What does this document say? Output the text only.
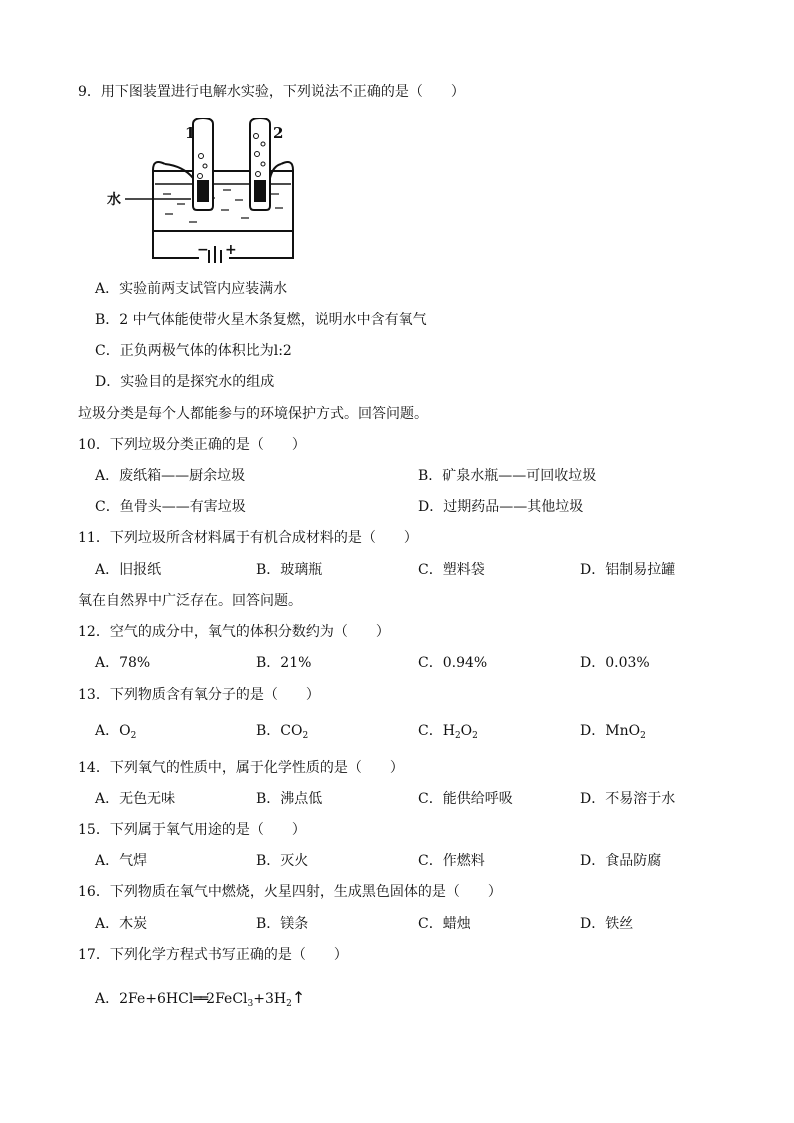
9．用下图装置进行电解水实验，下列说法不正确的是（　　）
1	2
水
− +
A．实验前两支试管内应装满水
B．2 中气体能使带火星木条复燃，说明水中含有氧气
C．正负两极气体的体积比为l:2
D．实验目的是探究水的组成
垃圾分类是每个人都能参与的环境保护方式。回答问题。
10．下列垃圾分类正确的是（　　）
A．废纸箱——厨余垃圾	B．矿泉水瓶——可回收垃圾
C．鱼骨头——有害垃圾	D．过期药品——其他垃圾
11．下列垃圾所含材料属于有机合成材料的是（　　）
A．旧报纸	B．玻璃瓶	C．塑料袋	D．铝制易拉罐
氧在自然界中广泛存在。回答问题。
12．空气的成分中，氧气的体积分数约为（　　）
A．78%	B．21%	C．0.94%	D．0.03%
13．下列物质含有氧分子的是（　　）
A．$O_2$	B．$CO_2$	C．$H_2O_2$	D．MnO$_2$
14．下列氧气的性质中，属于化学性质的是（　　）
A．无色无味	B．沸点低	C．能供给呼吸	D．不易溶于水
15．下列属于氧气用途的是（　　）
A．气焊	B．灭火	C．作燃料	D．食品防腐
16．下列物质在氧气中燃烧，火星四射，生成黑色固体的是（　　）
A．木炭	B．镁条	C．蜡烛	D．铁丝
17．下列化学方程式书写正确的是（　　）
A．$2Fe+6HCl══2FeCl_3+3H_2↑$
